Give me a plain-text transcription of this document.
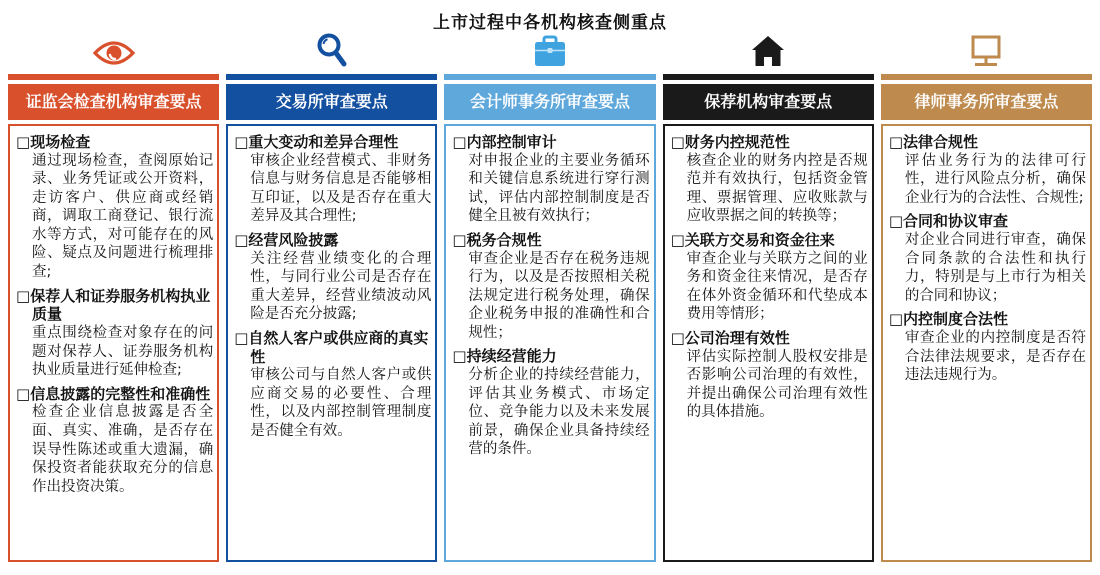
上市过程中各机构核查侧重点
证监会检查机构审查要点
□现场检查
通过现场检查，查阅原始记录、业务凭证或公开资料，走访客户、供应商或经销商，调取工商登记、银行流水等方式，对可能存在的风险、疑点及问题进行梳理排查;
□保荐人和证券服务机构执业质量
重点围绕检查对象存在的问题对保荐人、证券服务机构执业质量进行延伸检查;
□信息披露的完整性和准确性
检查企业信息披露是否全面、真实、准确，是否存在误导性陈述或重大遗漏，确保投资者能获取充分的信息作出投资决策。
交易所审查要点
□重大变动和差异合理性
审核企业经营模式、非财务信息与财务信息是否能够相互印证，以及是否存在重大差异及其合理性;
□经营风险披露
关注经营业绩变化的合理性，与同行业公司是否存在重大差异，经营业绩波动风险是否充分披露;
□自然人客户或供应商的真实性
审核公司与自然人客户或供应商交易的必要性、合理性，以及内部控制管理制度是否健全有效。
会计师事务所审查要点
□内部控制审计
对申报企业的主要业务循环和关键信息系统进行穿行测试，评估内部控制制度是否健全且被有效执行；
□税务合规性
审查企业是否存在税务违规行为，以及是否按照相关税法规定进行税务处理，确保企业税务申报的准确性和合规性；
□持续经营能力
分析企业的持续经营能力，评估其业务模式、市场定位、竞争能力以及未来发展前景，确保企业具备持续经营的条件。
保荐机构审查要点
□财务内控规范性
核查企业的财务内控是否规范并有效执行，包括资金管理、票据管理、应收账款与应收票据之间的转换等；
□关联方交易和资金往来
审查企业与关联方之间的业务和资金往来情况，是否存在体外资金循环和代垫成本费用等情形；
□公司治理有效性
评估实际控制人股权安排是否影响公司治理的有效性，并提出确保公司治理有效性的具体措施。
律师事务所审查要点
□法律合规性
评估业务行为的法律可行性，进行风险点分析，确保企业行为的合法性、合规性;
□合同和协议审查
对企业合同进行审查，确保合同条款的合法性和执行力，特别是与上市行为相关的合同和协议；
□内控制度合法性
审查企业的内控制度是否符合法律法规要求，是否存在违法违规行为。
